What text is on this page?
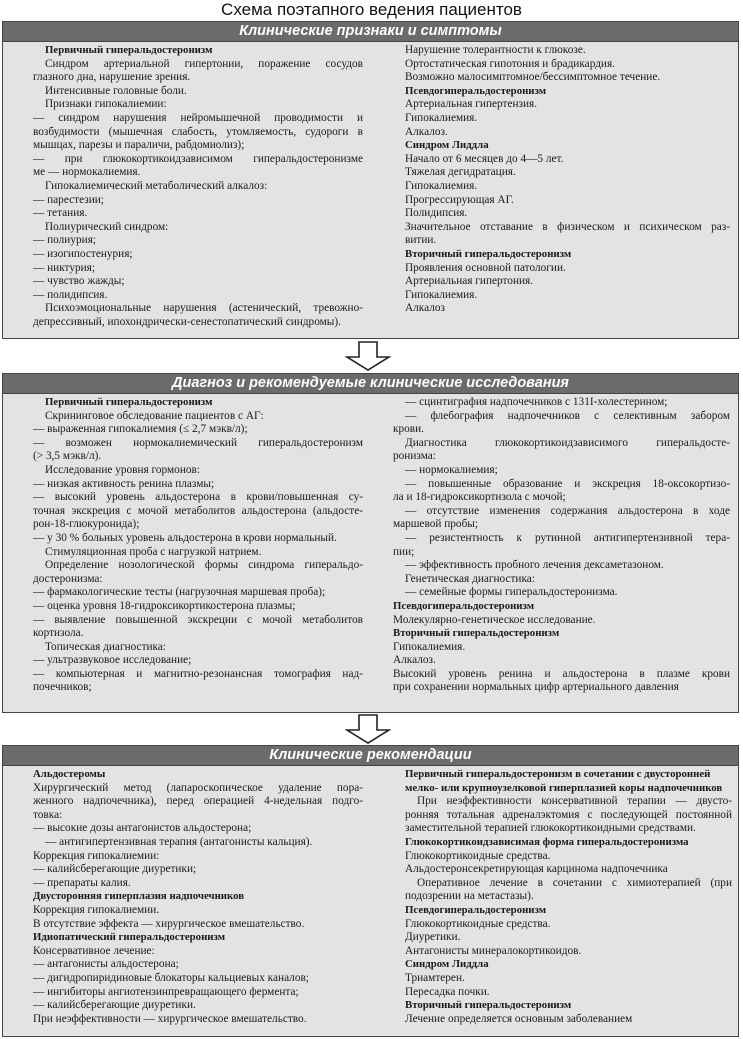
Схема поэтапного ведения пациентов
Клинические признаки и симптомы
Первичный гиперальдостеронизм
Синдром артериальной гипертонии, поражение сосудов
глазного дна, нарушение зрения.
Интенсивные головные боли.
Признаки гипокалиемии:
— синдром нарушения нейромышечной проводимости и
возбудимости (мышечная слабость, утомляемость, судороги в
мышцах, парезы и параличи, рабдомиолиз);
— при глюкокортикоидзависимом гиперальдостеронизме
ме — нормокалиемия.
Гипокалиемический метаболический алкалоз:
— парестезии;
— тетания.
Полиурический синдром:
— полиурия;
— изогипостенурия;
— никтурия;
— чувство жажды;
— полидипсия.
Психоэмоциональные нарушения (астенический, тревожно-
депрессивный, ипохондрически-сенестопатический синдромы).
Нарушение толерантности к глюкозе.
Ортостатическая гипотония и брадикардия.
Возможно малосимптомное/бессимптомное течение.
Псевдогиперальдостеронизм
Артериальная гипертензия.
Гипокалиемия.
Алкалоз.
Синдром Лиддла
Начало от 6 месяцев до 4—5 лет.
Тяжелая дегидратация.
Гипокалиемия.
Прогрессирующая АГ.
Полидипсия.
Значительное отставание в физическом и психическом раз-
витии.
Вторичный гиперальдостеронизм
Проявления основной патологии.
Артериальная гипертония.
Гипокалиемия.
Алкалоз
Диагноз и рекомендуемые клинические исследования
Первичный гиперальдостеронизм
Скрининговое обследование пациентов с АГ:
— выраженная гипокалиемия (≤ 2,7 мэкв/л);
— возможен нормокалиемический гиперальдостеронизм
(> 3,5 мэкв/л).
Исследование уровня гормонов:
— низкая активность ренина плазмы;
— высокий уровень альдостерона в крови/повышенная су-
точная экскреция с мочой метаболитов альдостерона (альдосте-
рон-18-глюкуронида);
— у 30 % больных уровень альдостерона в крови нормальный.
Стимуляционная проба с нагрузкой натрием.
Определение нозологической формы синдрома гиперальдо-
достеронизма:
— фармакологические тесты (нагрузочная маршевая проба);
— оценка уровня 18-гидроксикортикостерона плазмы;
— выявление повышенной экскреции с мочой метаболитов
кортизола.
Топическая диагностика:
— ультразвуковое исследование;
— компьютерная и магнитно-резонансная томография над-
почечников;
— сцинтиграфия надпочечников с 131I-холестерином;
— флебография надпочечников с селективным забором
крови.
Диагностика глюкокортикоидзависимого гиперальдосте-
ронизма:
— нормокалиемия;
— повышенные образование и экскреция 18-оксокортизо-
ла и 18-гидроксикортизола с мочой;
— отсутствие изменения содержания альдостерона в ходе
маршевой пробы;
— резистентность к рутинной антигипертензивной тера-
пии;
— эффективность пробного лечения дексаметазоном.
Генетическая диагностика:
— семейные формы гиперальдостеронизма.
Псевдогиперальдостеронизм
Молекулярно-генетическое исследование.
Вторичный гиперальдостеронизм
Гипокалиемия.
Алкалоз.
Высокий уровень ренина и альдостерона в плазме крови
при сохранении нормальных цифр артериального давления
Клинические рекомендации
Альдостеромы
Хирургический метод (лапароскопическое удаление пора-
женного надпочечника), перед операцией 4-недельная подго-
товка:
— высокие дозы антагонистов альдостерона;
— антигипертензивная терапия (антагонисты кальция).
Коррекция гипокалиемии:
— калийсберегающие диуретики;
— препараты калия.
Двусторонняя гиперплазия надпочечников
Коррекция гипокалиемии.
В отсутствие эффекта — хирургическое вмешательство.
Идиопатический гиперальдостеронизм
Консервативное лечение:
— антагонисты альдостерона;
— дигидропиридиновые блокаторы кальциевых каналов;
— ингибиторы ангиотензинпревращающего фермента;
— калийсберегающие диуретики.
При неэффективности — хирургическое вмешательство.
Первичный гиперальдостеронизм в сочетании с двусторонней
мелко- или крупноузелковой гиперплазией коры надпочечников
При неэффективности консервативной терапии — двусто-
ронняя тотальная адреналэктомия с последующей постоянной
заместительной терапией глюкокортикоидными средствами.
Глюкокортикоидзависимая форма гиперальдостеронизма
Глюкокортикоидные средства.
Альдостеронсекретирующая карцинома надпочечника
Оперативное лечение в сочетании с химиотерапией (при
подозрении на метастазы).
Псевдогиперальдостеронизм
Глюкокортикоидные средства.
Диуретики.
Антагонисты минералокортикоидов.
Синдром Лиддла
Триамтерен.
Пересадка почки.
Вторичный гиперальдостеронизм
Лечение определяется основным заболеванием
